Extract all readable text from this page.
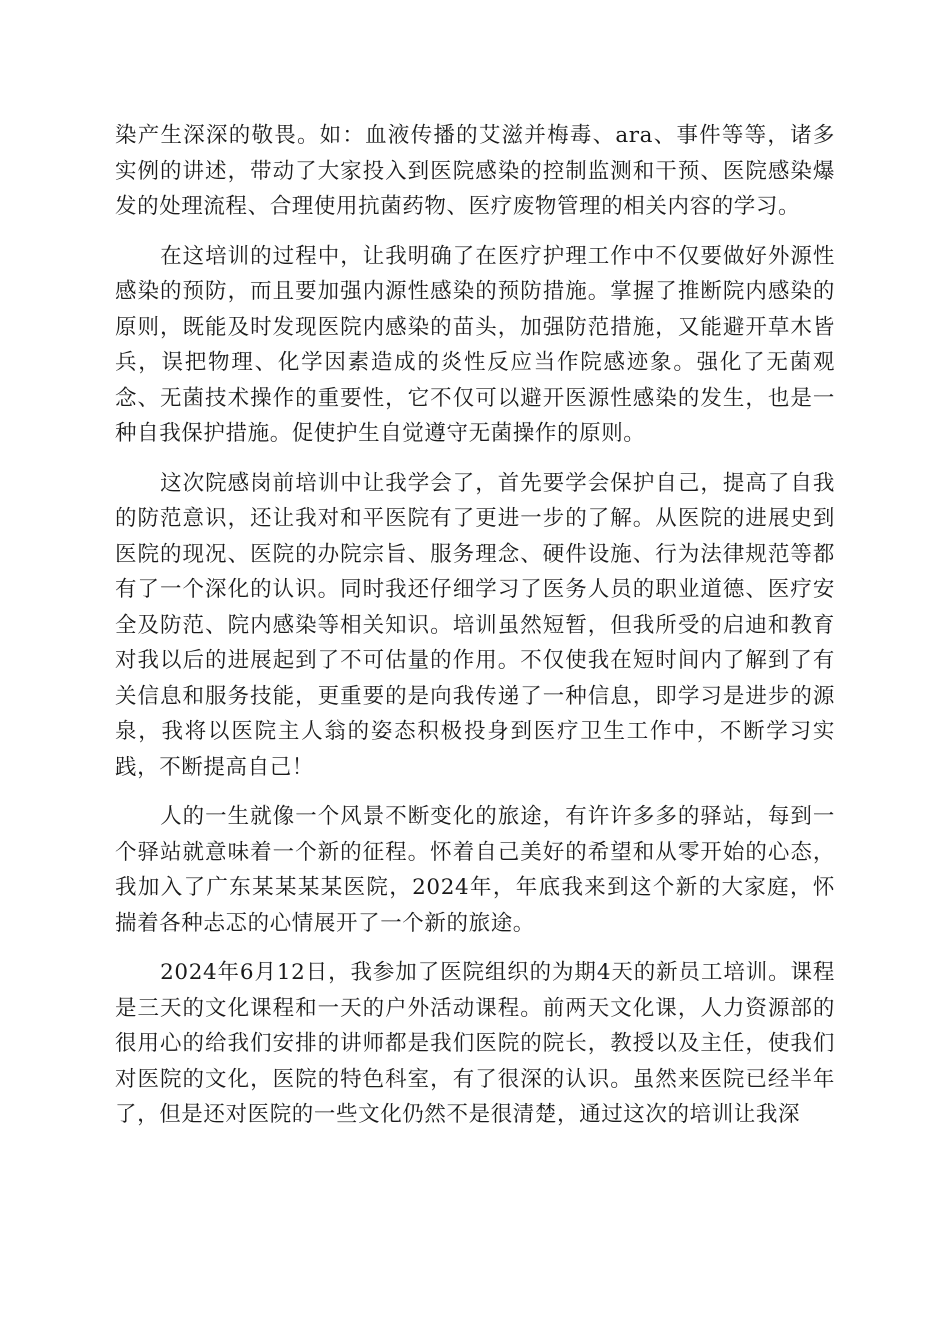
染产生深深的敬畏。如：血液传播的艾滋并梅毒、ara、事件等等，诸多实例的讲述，带动了大家投入到医院感染的控制监测和干预、医院感染爆发的处理流程、合理使用抗菌药物、医疗废物管理的相关内容的学习。

在这培训的过程中，让我明确了在医疗护理工作中不仅要做好外源性感染的预防，而且要加强内源性感染的预防措施。掌握了推断院内感染的原则，既能及时发现医院内感染的苗头，加强防范措施，又能避开草木皆兵，误把物理、化学因素造成的炎性反应当作院感迹象。强化了无菌观念、无菌技术操作的重要性，它不仅可以避开医源性感染的发生，也是一种自我保护措施。促使护生自觉遵守无菌操作的原则。

这次院感岗前培训中让我学会了，首先要学会保护自己，提高了自我的防范意识，还让我对和平医院有了更进一步的了解。从医院的进展史到医院的现况、医院的办院宗旨、服务理念、硬件设施、行为法律规范等都有了一个深化的认识。同时我还仔细学习了医务人员的职业道德、医疗安全及防范、院内感染等相关知识。培训虽然短暂，但我所受的启迪和教育对我以后的进展起到了不可估量的作用。不仅使我在短时间内了解到了有关信息和服务技能，更重要的是向我传递了一种信息，即学习是进步的源泉，我将以医院主人翁的姿态积极投身到医疗卫生工作中，不断学习实践，不断提高自己！

人的一生就像一个风景不断变化的旅途，有许许多多的驿站，每到一个驿站就意味着一个新的征程。怀着自己美好的希望和从零开始的心态，我加入了广东某某某某医院，2024年，年底我来到这个新的大家庭，怀揣着各种忐忑的心情展开了一个新的旅途。

2024年6月12日，我参加了医院组织的为期4天的新员工培训。课程是三天的文化课程和一天的户外活动课程。前两天文化课，人力资源部的很用心的给我们安排的讲师都是我们医院的院长，教授以及主任，使我们对医院的文化，医院的特色科室，有了很深的认识。虽然来医院已经半年了，但是还对医院的一些文化仍然不是很清楚，通过这次的培训让我深
